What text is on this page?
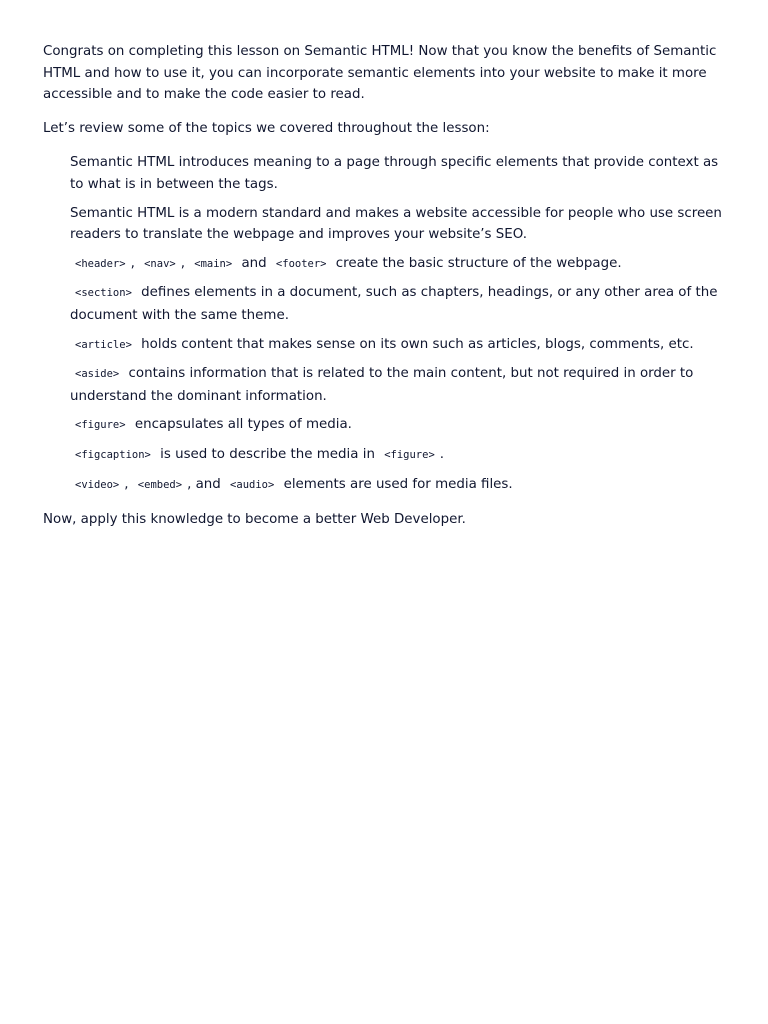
Congrats on completing this lesson on Semantic HTML! Now that you know the benefits of Semantic HTML and how to use it, you can incorporate semantic elements into your website to make it more accessible and to make the code easier to read.

Let’s review some of the topics we covered throughout the lesson:

Semantic HTML introduces meaning to a page through specific elements that provide context as to what is in between the tags.
Semantic HTML is a modern standard and makes a website accessible for people who use screen readers to translate the webpage and improves your website’s SEO.
<header> , <nav> , <main> and <footer> create the basic structure of the webpage.
<section> defines elements in a document, such as chapters, headings, or any other area of the document with the same theme.
<article> holds content that makes sense on its own such as articles, blogs, comments, etc.
<aside> contains information that is related to the main content, but not required in order to understand the dominant information.
<figure> encapsulates all types of media.
<figcaption> is used to describe the media in <figure> .
<video> , <embed> , and <audio> elements are used for media files.

Now, apply this knowledge to become a better Web Developer.
